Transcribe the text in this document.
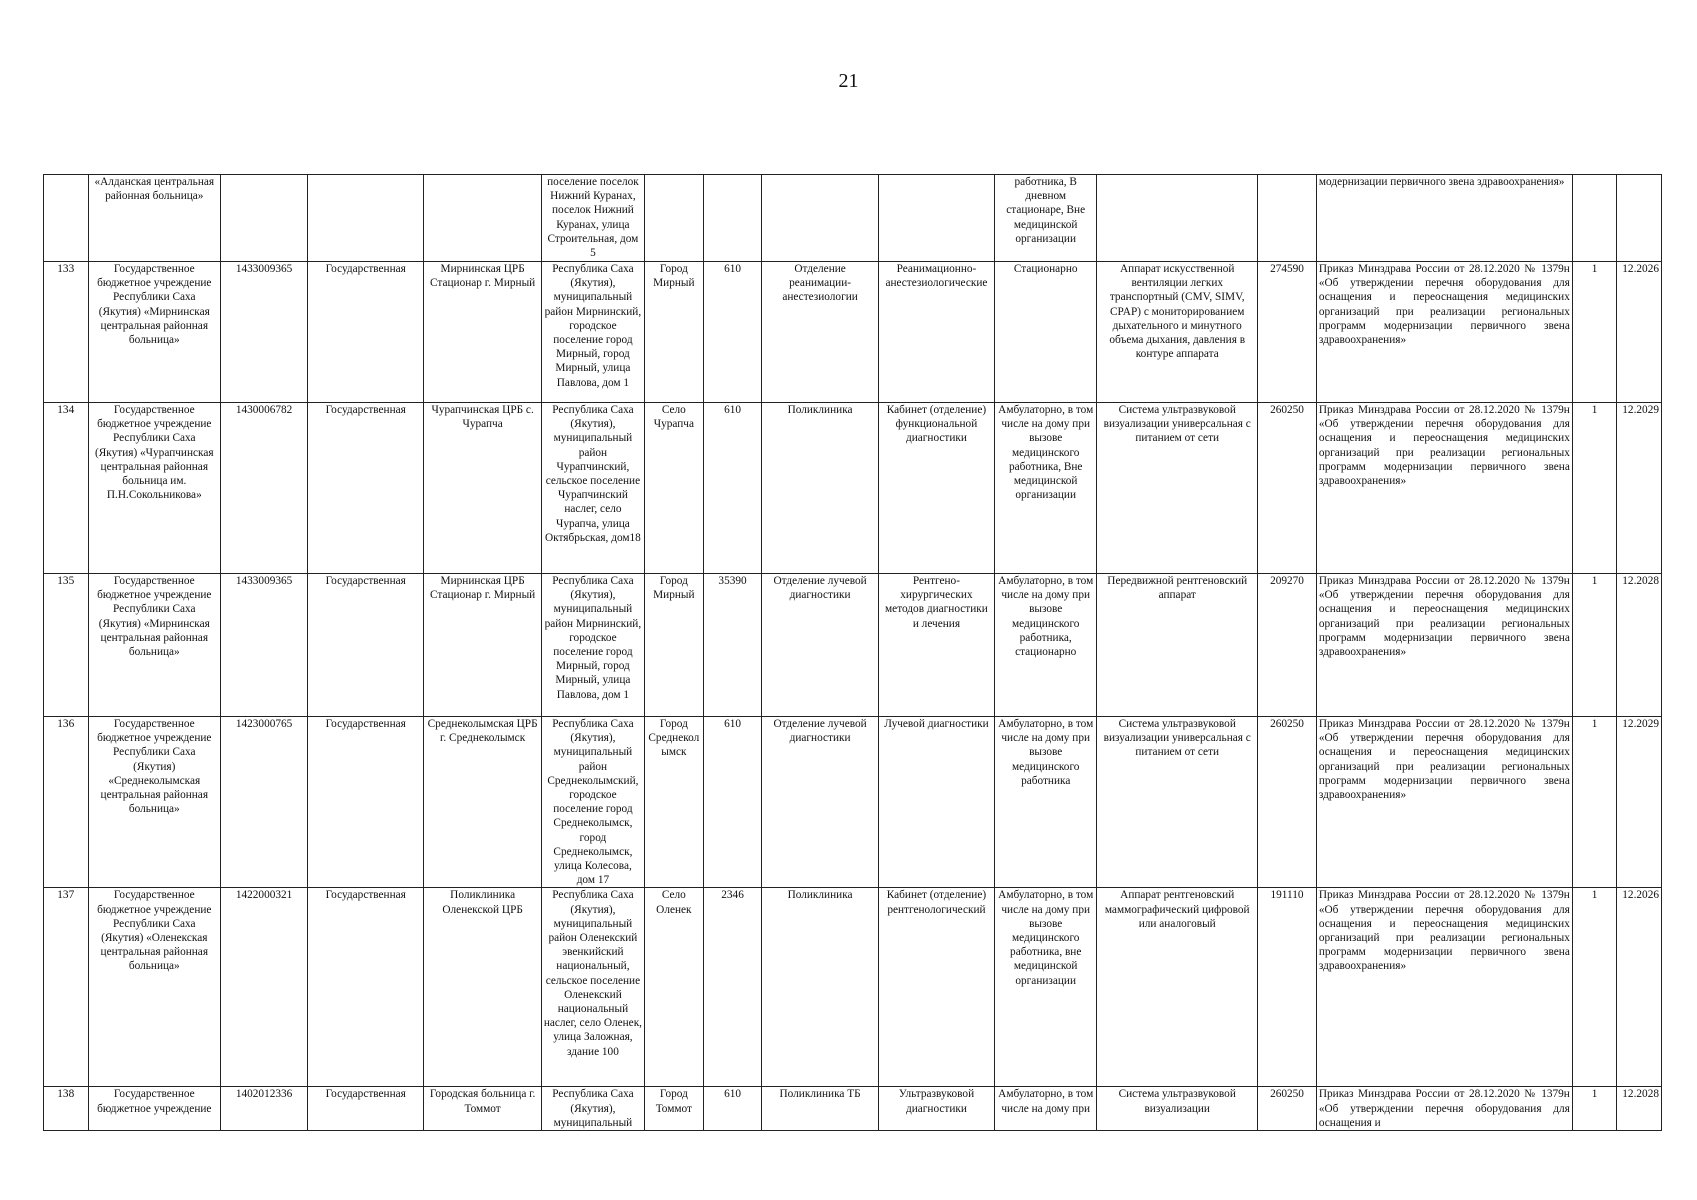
21
	«Алданская центральная районная больница»				поселение поселок Нижний Куранах, поселок Нижний Куранах, улица Строительная, дом 5					работника, В дневном стационаре, Вне медицинской организации			модернизации первичного звена здравоохранения»		
133	Государственное бюджетное учреждение Республики Саха (Якутия) «Мирнинская центральная районная больница»	1433009365	Государственная	Мирнинская ЦРБ Стационар г. Мирный	Республика Саха (Якутия), муниципальный район Мирнинский, городское поселение город Мирный, город Мирный, улица Павлова, дом 1	Город Мирный	610	Отделение реанимации-анестезиологии	Реанимационно-анестезиологические	Стационарно	Аппарат искусственной вентиляции легких транспортный (CMV, SIMV, CPAP) с мониторированием дыхательного и минутного объема дыхания, давления в контуре аппарата	274590	Приказ Минздрава России от 28.12.2020 № 1379н «Об утверждении перечня оборудования для оснащения и переоснащения медицинских организаций при реализации региональных программ модернизации первичного звена здравоохранения»	1	12.2026
134	Государственное бюджетное учреждение Республики Саха (Якутия) «Чурапчинская центральная районная больница им. П.Н.Сокольникова»	1430006782	Государственная	Чурапчинская ЦРБ с. Чурапча	Республика Саха (Якутия), муниципальный район Чурапчинский, сельское поселение Чурапчинский наслег, село Чурапча, улица Октябрьская, дом18	Село Чурапча	610	Поликлиника	Кабинет (отделение) функциональной диагностики	Амбулаторно, в том числе на дому при вызове медицинского работника, Вне медицинской организации	Система ультразвуковой визуализации универсальная с питанием от сети	260250	Приказ Минздрава России от 28.12.2020 № 1379н «Об утверждении перечня оборудования для оснащения и переоснащения медицинских организаций при реализации региональных программ модернизации первичного звена здравоохранения»	1	12.2029
135	Государственное бюджетное учреждение Республики Саха (Якутия) «Мирнинская центральная районная больница»	1433009365	Государственная	Мирнинская ЦРБ Стационар г. Мирный	Республика Саха (Якутия), муниципальный район Мирнинский, городское поселение город Мирный, город Мирный, улица Павлова, дом 1	Город Мирный	35390	Отделение лучевой диагностики	Рентгено-хирургических методов диагностики и лечения	Амбулаторно, в том числе на дому при вызове медицинского работника, стационарно	Передвижной рентгеновский аппарат	209270	Приказ Минздрава России от 28.12.2020 № 1379н «Об утверждении перечня оборудования для оснащения и переоснащения медицинских организаций при реализации региональных программ модернизации первичного звена здравоохранения»	1	12.2028
136	Государственное бюджетное учреждение Республики Саха (Якутия) «Среднеколымская центральная районная больница»	1423000765	Государственная	Среднеколымская ЦРБ г. Среднеколымск	Республика Саха (Якутия), муниципальный район Среднеколымский, городское поселение город Среднеколымск, город Среднеколымск, улица Колесова, дом 17	Город Среднеколымск	610	Отделение лучевой диагностики	Лучевой диагностики	Амбулаторно, в том числе на дому при вызове медицинского работника	Система ультразвуковой визуализации универсальная с питанием от сети	260250	Приказ Минздрава России от 28.12.2020 № 1379н «Об утверждении перечня оборудования для оснащения и переоснащения медицинских организаций при реализации региональных программ модернизации первичного звена здравоохранения»	1	12.2029
137	Государственное бюджетное учреждение Республики Саха (Якутия) «Оленекская центральная районная больница»	1422000321	Государственная	Поликлиника Оленекской ЦРБ	Республика Саха (Якутия), муниципальный район Оленекский эвенкийский национальный, сельское поселение Оленекский национальный наслег, село Оленек, улица Заложная, здание 100	Село Оленек	2346	Поликлиника	Кабинет (отделение) рентгенологический	Амбулаторно, в том числе на дому при вызове медицинского работника, вне медицинской организации	Аппарат рентгеновский маммографический цифровой или аналоговый	191110	Приказ Минздрава России от 28.12.2020 № 1379н «Об утверждении перечня оборудования для оснащения и переоснащения медицинских организаций при реализации региональных программ модернизации первичного звена здравоохранения»	1	12.2026
138	Государственное бюджетное учреждение	1402012336	Государственная	Городская больница г. Томмот	Республика Саха (Якутия), муниципальный	Город Томмот	610	Поликлиника ТБ	Ультразвуковой диагностики	Амбулаторно, в том числе на дому при	Система ультразвуковой визуализации	260250	Приказ Минздрава России от 28.12.2020 № 1379н «Об утверждении перечня оборудования для оснащения и	1	12.2028
